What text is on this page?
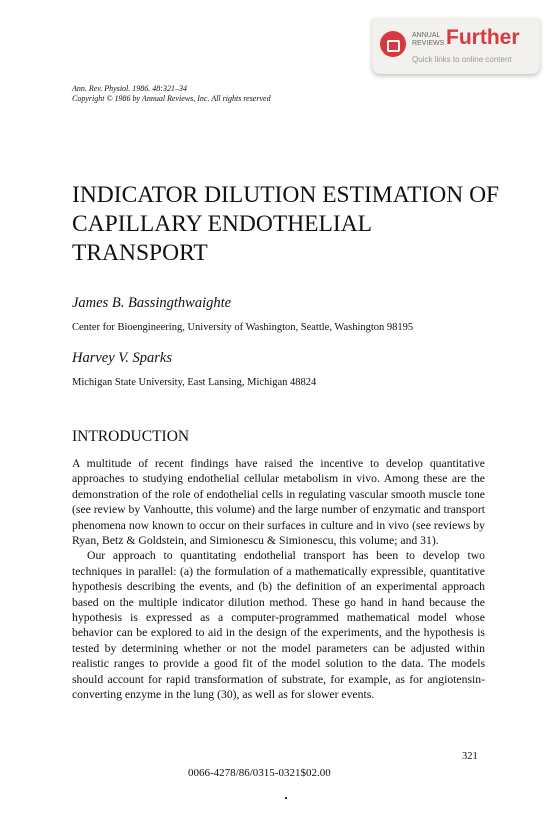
ANNUAL REVIEWS Further
Quick links to online content
Ann. Rev. Physiol. 1986. 48:321–34
Copyright © 1986 by Annual Reviews, Inc. All rights reserved
INDICATOR DILUTION ESTIMATION OF CAPILLARY ENDOTHELIAL TRANSPORT
James B. Bassingthwaighte
Center for Bioengineering, University of Washington, Seattle, Washington 98195
Harvey V. Sparks
Michigan State University, East Lansing, Michigan 48824
INTRODUCTION

A multitude of recent findings have raised the incentive to develop quantitative approaches to studying endothelial cellular metabolism in vivo. Among these are the demonstration of the role of endothelial cells in regulating vascular smooth muscle tone (see review by Vanhoutte, this volume) and the large number of enzymatic and transport phenomena now known to occur on their surfaces in culture and in vivo (see reviews by Ryan, Betz & Goldstein, and Simionescu & Simionescu, this volume; and 31).

Our approach to quantitating endothelial transport has been to develop two techniques in parallel: (a) the formulation of a mathematically expressible, quantitative hypothesis describing the events, and (b) the definition of an experimental approach based on the multiple indicator dilution method. These go hand in hand because the hypothesis is expressed as a computer-programmed mathematical model whose behavior can be explored to aid in the design of the experiments, and the hypothesis is tested by determining whether or not the model parameters can be adjusted within realistic ranges to provide a good fit of the model solution to the data. The models should account for rapid transformation of substrate, for example, as for angiotensin-converting enzyme in the lung (30), as well as for slower events.

321
0066-4278/86/0315-0321$02.00
